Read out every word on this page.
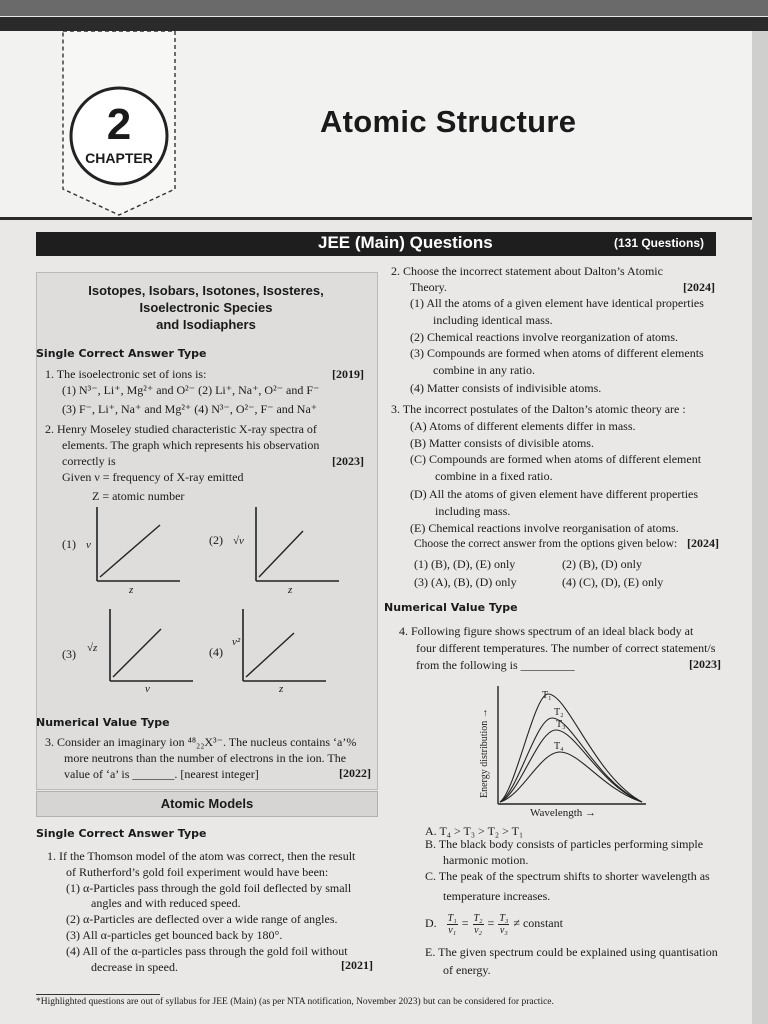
2
CHAPTER
Atomic Structure
JEE (Main) Questions	(131 Questions)
Isotopes, Isobars, Isotones, Isosteres,
Isoelectronic Species
and Isodiaphers
Single Correct Answer Type
1. The isoelectronic set of ions is:	[2019]
(1) N³⁻, Li⁺, Mg²⁺ and O²⁻ (2) Li⁺, Na⁺, O²⁻ and F⁻
(3) F⁻, Li⁺, Na⁺ and Mg²⁺ (4) N³⁻, O²⁻, F⁻ and Na⁺
2. Henry Moseley studied characteristic X-ray spectra of
elements. The graph which represents his observation
correctly is	[2023]
Given ν = frequency of X-ray emitted
Z = atomic number
(1) ν
z
(2) √ν
z
(3) √z
ν
(4)
ν²
z
Numerical Value Type
3. Consider an imaginary ion ⁴⁸₂₂X³⁻. The nucleus contains ‘a’%
more neutrons than the number of electrons in the ion. The
value of ‘a’ is _______. [nearest integer]	[2022]
Atomic Models
Single Correct Answer Type
1. If the Thomson model of the atom was correct, then the result
of Rutherford’s gold foil experiment would have been:
(1) α-Particles pass through the gold foil deflected by small
angles and with reduced speed.
(2) α-Particles are deflected over a wide range of angles.
(3) All α-particles get bounced back by 180°.
(4) All of the α-particles pass through the gold foil without
decrease in speed.	[2021]
2. Choose the incorrect statement about Dalton’s Atomic
Theory.	[2024]
(1) All the atoms of a given element have identical properties
including identical mass.
(2) Chemical reactions involve reorganization of atoms.
(3) Compounds are formed when atoms of different elements
combine in any ratio.
(4) Matter consists of indivisible atoms.
3. The incorrect postulates of the Dalton’s atomic theory are :
(A) Atoms of different elements differ in mass.
(B) Matter consists of divisible atoms.
(C) Compounds are formed when atoms of different element
combine in a fixed ratio.
(D) All the atoms of given element have different properties
including mass.
(E) Chemical reactions involve reorganisation of atoms.
Choose the correct answer from the options given below: [2024]
(1) (B), (D), (E) only	(2) (B), (D) only
(3) (A), (B), (D) only	(4) (C), (D), (E) only
Numerical Value Type
4. Following figure shows spectrum of an ideal black body at
four different temperatures. The number of correct statement/s
from the following is _________	[2023]
Energy distribution →
T₁
T₂
T₃
T₄
Wavelength →
A. T₄ > T₃ > T₂ > T₁
B. The black body consists of particles performing simple
harmonic motion.
C. The peak of the spectrum shifts to shorter wavelength as
temperature increases.
D. $\frac{\text{T₁}}{\text{ν₁}} = \frac{\text{T₂}}{\text{ν₂}} = \frac{\text{T₃}}{\text{ν₃}}$ ≠ constant
E. The given spectrum could be explained using quantisation
of energy.
*Highlighted questions are out of syllabus for JEE (Main) (as per NTA notification, November 2023) but can be considered for practice.
